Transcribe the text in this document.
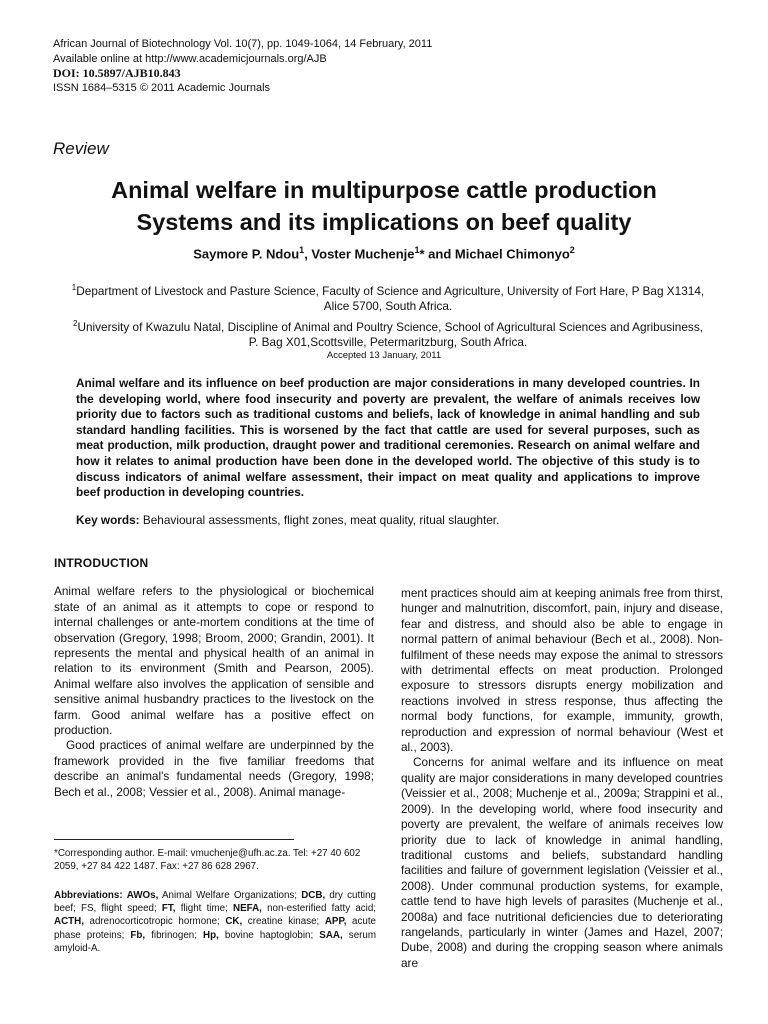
African Journal of Biotechnology Vol. 10(7), pp. 1049-1064, 14 February, 2011
Available online at http://www.academicjournals.org/AJB
DOI: 10.5897/AJB10.843
ISSN 1684–5315 © 2011 Academic Journals
Review
Animal welfare in multipurpose cattle production
Systems and its implications on beef quality
Saymore P. Ndou$^1$, Voster Muchenje$^1$* and Michael Chimonyo$^2$

$^1$Department of Livestock and Pasture Science, Faculty of Science and Agriculture, University of Fort Hare, P Bag X1314, Alice 5700, South Africa.

$^2$University of Kwazulu Natal, Discipline of Animal and Poultry Science, School of Agricultural Sciences and Agribusiness, P. Bag X01,Scottsville, Petermaritzburg, South Africa.

Accepted 13 January, 2011

Animal welfare and its influence on beef production are major considerations in many developed countries. In the developing world, where food insecurity and poverty are prevalent, the welfare of animals receives low priority due to factors such as traditional customs and beliefs, lack of knowledge in animal handling and sub standard handling facilities. This is worsened by the fact that cattle are used for several purposes, such as meat production, milk production, draught power and traditional ceremonies. Research on animal welfare and how it relates to animal production have been done in the developed world. The objective of this study is to discuss indicators of animal welfare assessment, their impact on meat quality and applications to improve beef production in developing countries.

Key words: Behavioural assessments, flight zones, meat quality, ritual slaughter.
INTRODUCTION

Animal welfare refers to the physiological or biochemical state of an animal as it attempts to cope or respond to internal challenges or ante-mortem conditions at the time of observation (Gregory, 1998; Broom, 2000; Grandin, 2001). It represents the mental and physical health of an animal in relation to its environment (Smith and Pearson, 2005). Animal welfare also involves the application of sensible and sensitive animal husbandry practices to the livestock on the farm. Good animal welfare has a positive effect on production.

Good practices of animal welfare are underpinned by the framework provided in the five familiar freedoms that describe an animal's fundamental needs (Gregory, 1998; Bech et al., 2008; Vessier et al., 2008). Animal manage-

ment practices should aim at keeping animals free from thirst, hunger and malnutrition, discomfort, pain, injury and disease, fear and distress, and should also be able to engage in normal pattern of animal behaviour (Bech et al., 2008). Non-fulfilment of these needs may expose the animal to stressors with detrimental effects on meat production. Prolonged exposure to stressors disrupts energy mobilization and reactions involved in stress response, thus affecting the normal body functions, for example, immunity, growth, reproduction and expression of normal behaviour (West et al., 2003).

Concerns for animal welfare and its influence on meat quality are major considerations in many developed countries (Veissier et al., 2008; Muchenje et al., 2009a; Strappini et al., 2009). In the developing world, where food insecurity and poverty are prevalent, the welfare of animals receives low priority due to lack of knowledge in animal handling, traditional customs and beliefs, substandard handling facilities and failure of government legislation (Veissier et al., 2008). Under communal production systems, for example, cattle tend to have high levels of parasites (Muchenje et al., 2008a) and face nutritional deficiencies due to deteriorating rangelands, particularly in winter (James and Hazel, 2007; Dube, 2008) and during the cropping season where animals are

*Corresponding author. E-mail: vmuchenje@ufh.ac.za. Tel: +27 40 602 2059, +27 84 422 1487. Fax: +27 86 628 2967.

Abbreviations: AWOs, Animal Welfare Organizations; DCB, dry cutting beef; FS, flight speed; FT, flight time; NEFA, non-esterified fatty acid; ACTH, adrenocorticotropic hormone; CK, creatine kinase; APP, acute phase proteins; Fb, fibrinogen; Hp, bovine haptoglobin; SAA, serum amyloid-A.
